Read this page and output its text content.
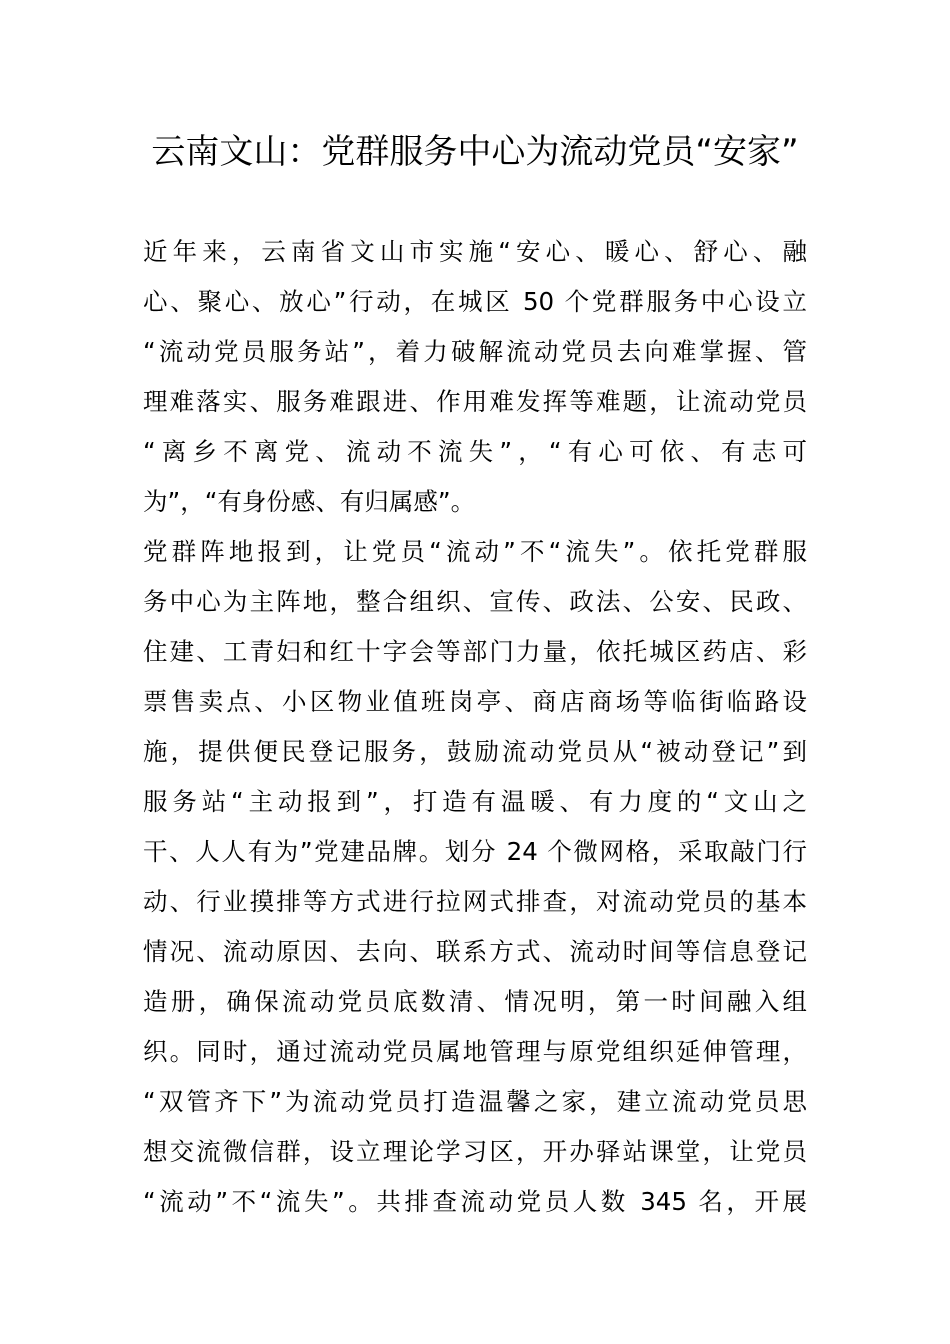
云南文山：党群服务中心为流动党员“安家”
近年来，云南省文山市实施“安心、暖心、舒心、融
心、聚心、放心”行动，在城区 50 个党群服务中心设立
“流动党员服务站”，着力破解流动党员去向难掌握、管
理难落实、服务难跟进、作用难发挥等难题，让流动党员
“离乡不离党、流动不流失”，“有心可依、有志可
为”，“有身份感、有归属感”。
党群阵地报到，让党员“流动”不“流失”。依托党群服
务中心为主阵地，整合组织、宣传、政法、公安、民政、
住建、工青妇和红十字会等部门力量，依托城区药店、彩
票售卖点、小区物业值班岗亭、商店商场等临街临路设
施，提供便民登记服务，鼓励流动党员从“被动登记”到
服务站“主动报到”，打造有温暖、有力度的“文山之
干、人人有为”党建品牌。划分 24 个微网格，采取敲门行
动、行业摸排等方式进行拉网式排查，对流动党员的基本
情况、流动原因、去向、联系方式、流动时间等信息登记
造册，确保流动党员底数清、情况明，第一时间融入组
织。同时，通过流动党员属地管理与原党组织延伸管理，
“双管齐下”为流动党员打造温馨之家，建立流动党员思
想交流微信群，设立理论学习区，开办驿站课堂，让党员
“流动”不“流失”。共排查流动党员人数 345 名，开展
